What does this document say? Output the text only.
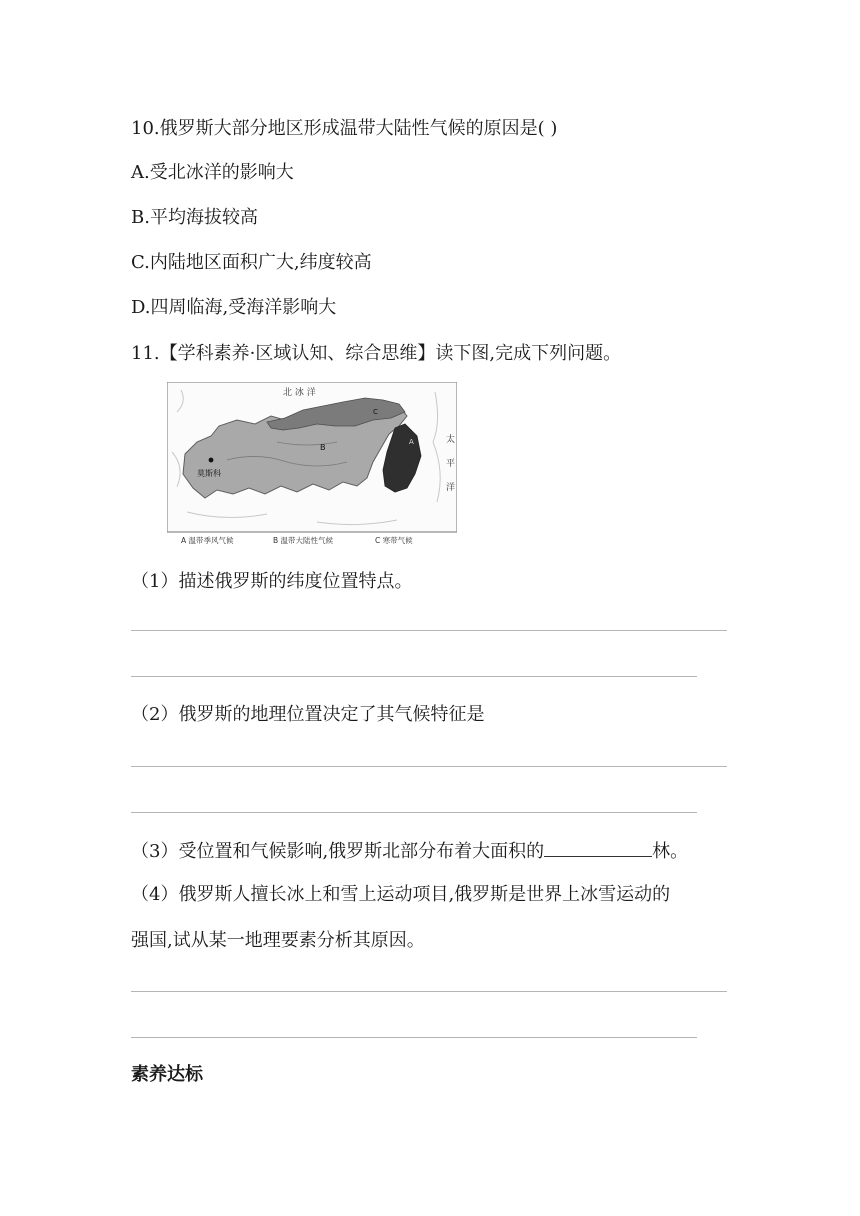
10.俄罗斯大部分地区形成温带大陆性气候的原因是( )
A.受北冰洋的影响大
B.平均海拔较高
C.内陆地区面积广大,纬度较高
D.四周临海,受海洋影响大
11.【学科素养·区域认知、综合思维】读下图,完成下列问题。
莫斯科
北 冰 洋
太
平
洋
B
C
A
A 温带季风气候	B 温带大陆性气候	C 寒带气候
（1）描述俄罗斯的纬度位置特点。
（2）俄罗斯的地理位置决定了其气候特征是
（3）受位置和气候影响,俄罗斯北部分布着大面积的	林。
（4）俄罗斯人擅长冰上和雪上运动项目,俄罗斯是世界上冰雪运动的
强国,试从某一地理要素分析其原因。
素养达标
